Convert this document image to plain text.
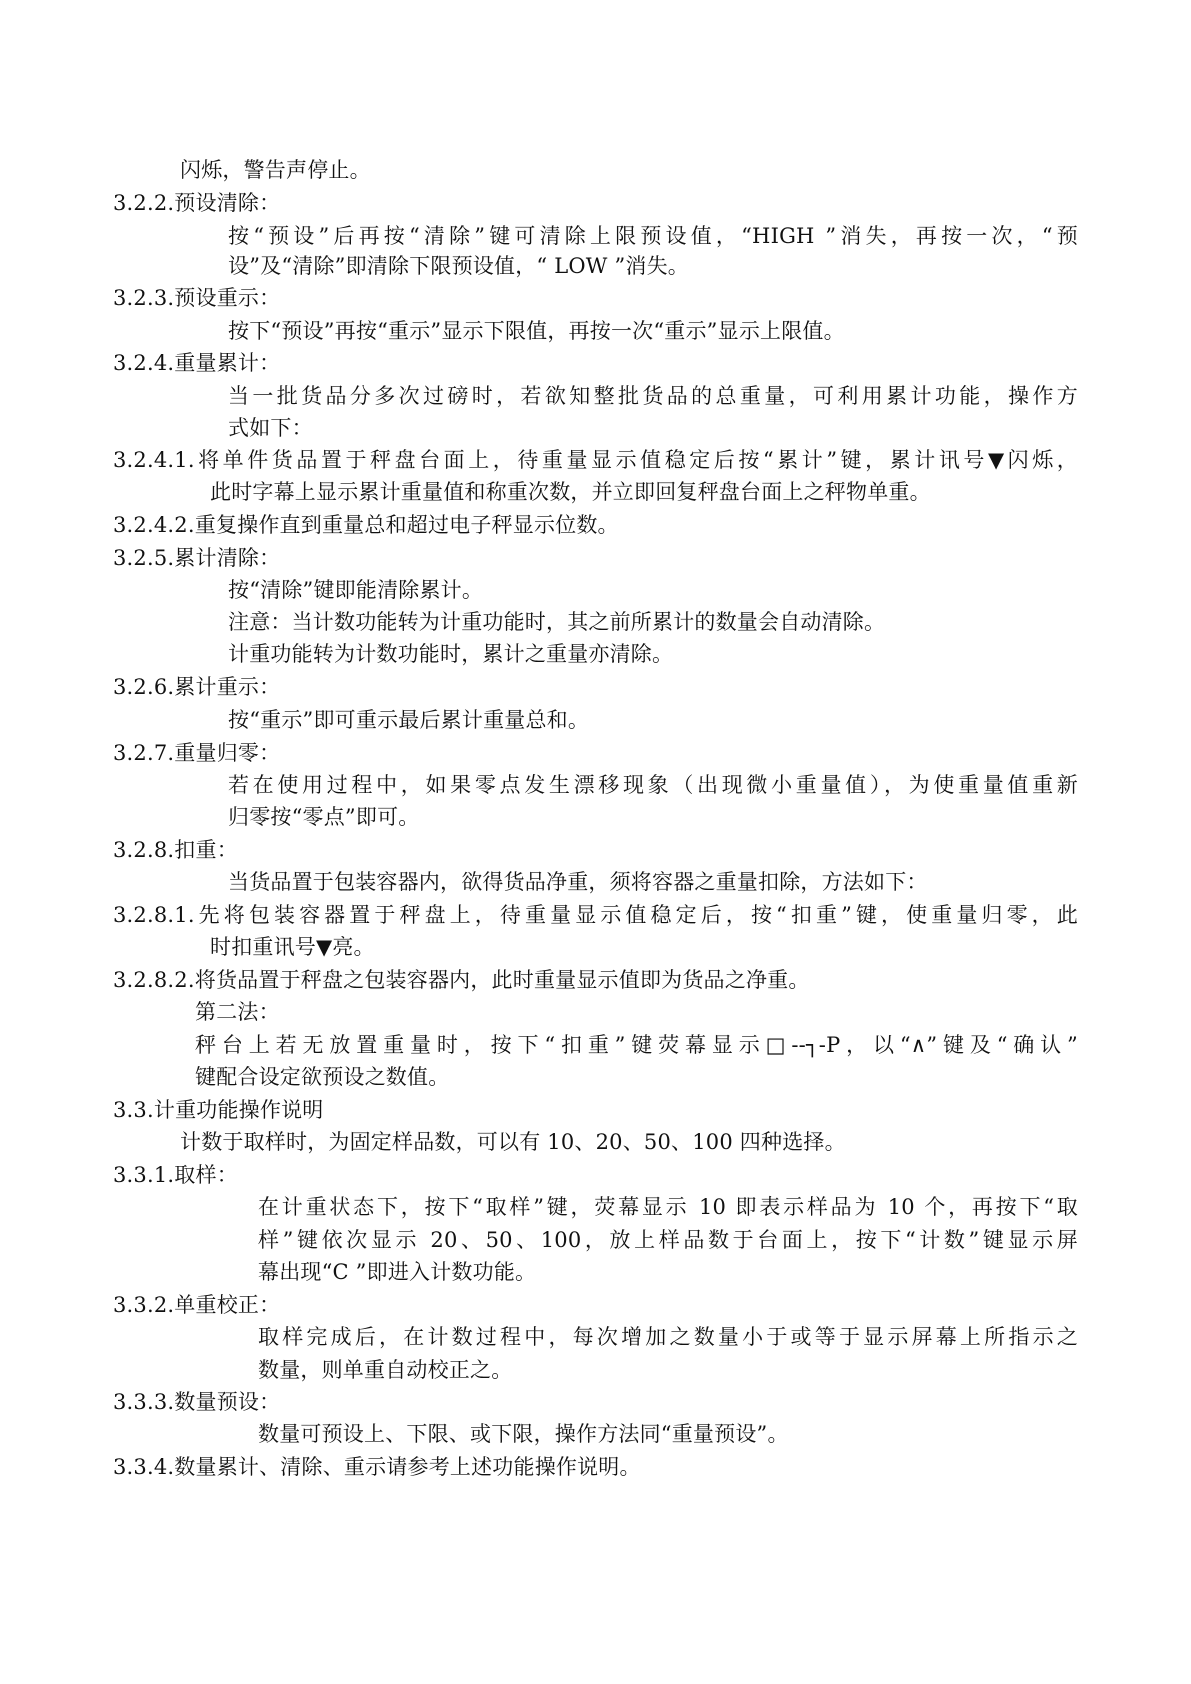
闪烁，警告声停止。
3.2.2.预设清除：
按“预设”后再按“清除”键可清除上限预设值，“HIGH ”消失，再按一次，“预
设”及“清除”即清除下限预设值，“ LOW ”消失。
3.2.3.预设重示：
按下“预设”再按“重示”显示下限值，再按一次“重示”显示上限值。
3.2.4.重量累计：
当一批货品分多次过磅时，若欲知整批货品的总重量，可利用累计功能，操作方
式如下：
3.2.4.1.将单件货品置于秤盘台面上，待重量显示值稳定后按“累计”键，累计讯号▼闪烁，
此时字幕上显示累计重量值和称重次数，并立即回复秤盘台面上之秤物单重。
3.2.4.2.重复操作直到重量总和超过电子秤显示位数。
3.2.5.累计清除：
按“清除”键即能清除累计。
注意：当计数功能转为计重功能时，其之前所累计的数量会自动清除。
计重功能转为计数功能时，累计之重量亦清除。
3.2.6.累计重示：
按“重示”即可重示最后累计重量总和。
3.2.7.重量归零：
若在使用过程中，如果零点发生漂移现象（出现微小重量值），为使重量值重新
归零按“零点”即可。
3.2.8.扣重：
当货品置于包装容器内，欲得货品净重，须将容器之重量扣除，方法如下：
3.2.8.1.先将包装容器置于秤盘上，待重量显示值稳定后，按“扣重”键，使重量归零，此
时扣重讯号▼亮。
3.2.8.2.将货品置于秤盘之包装容器内，此时重量显示值即为货品之净重。
第二法：
秤台上若无放置重量时，按下“扣重”键荧幕显示□--┐-P，以“∧”键及“确认”
键配合设定欲预设之数值。
3.3.计重功能操作说明
计数于取样时，为固定样品数，可以有 10、20、50、100 四种选择。
3.3.1.取样：
在计重状态下，按下“取样”键，荧幕显示 10 即表示样品为 10 个，再按下“取
样”键依次显示 20、50、100，放上样品数于台面上，按下“计数”键显示屏
幕出现“C ”即进入计数功能。
3.3.2.单重校正：
取样完成后，在计数过程中，每次增加之数量小于或等于显示屏幕上所指示之
数量，则单重自动校正之。
3.3.3.数量预设：
数量可预设上、下限、或下限，操作方法同“重量预设”。
3.3.4.数量累计、清除、重示请参考上述功能操作说明。
